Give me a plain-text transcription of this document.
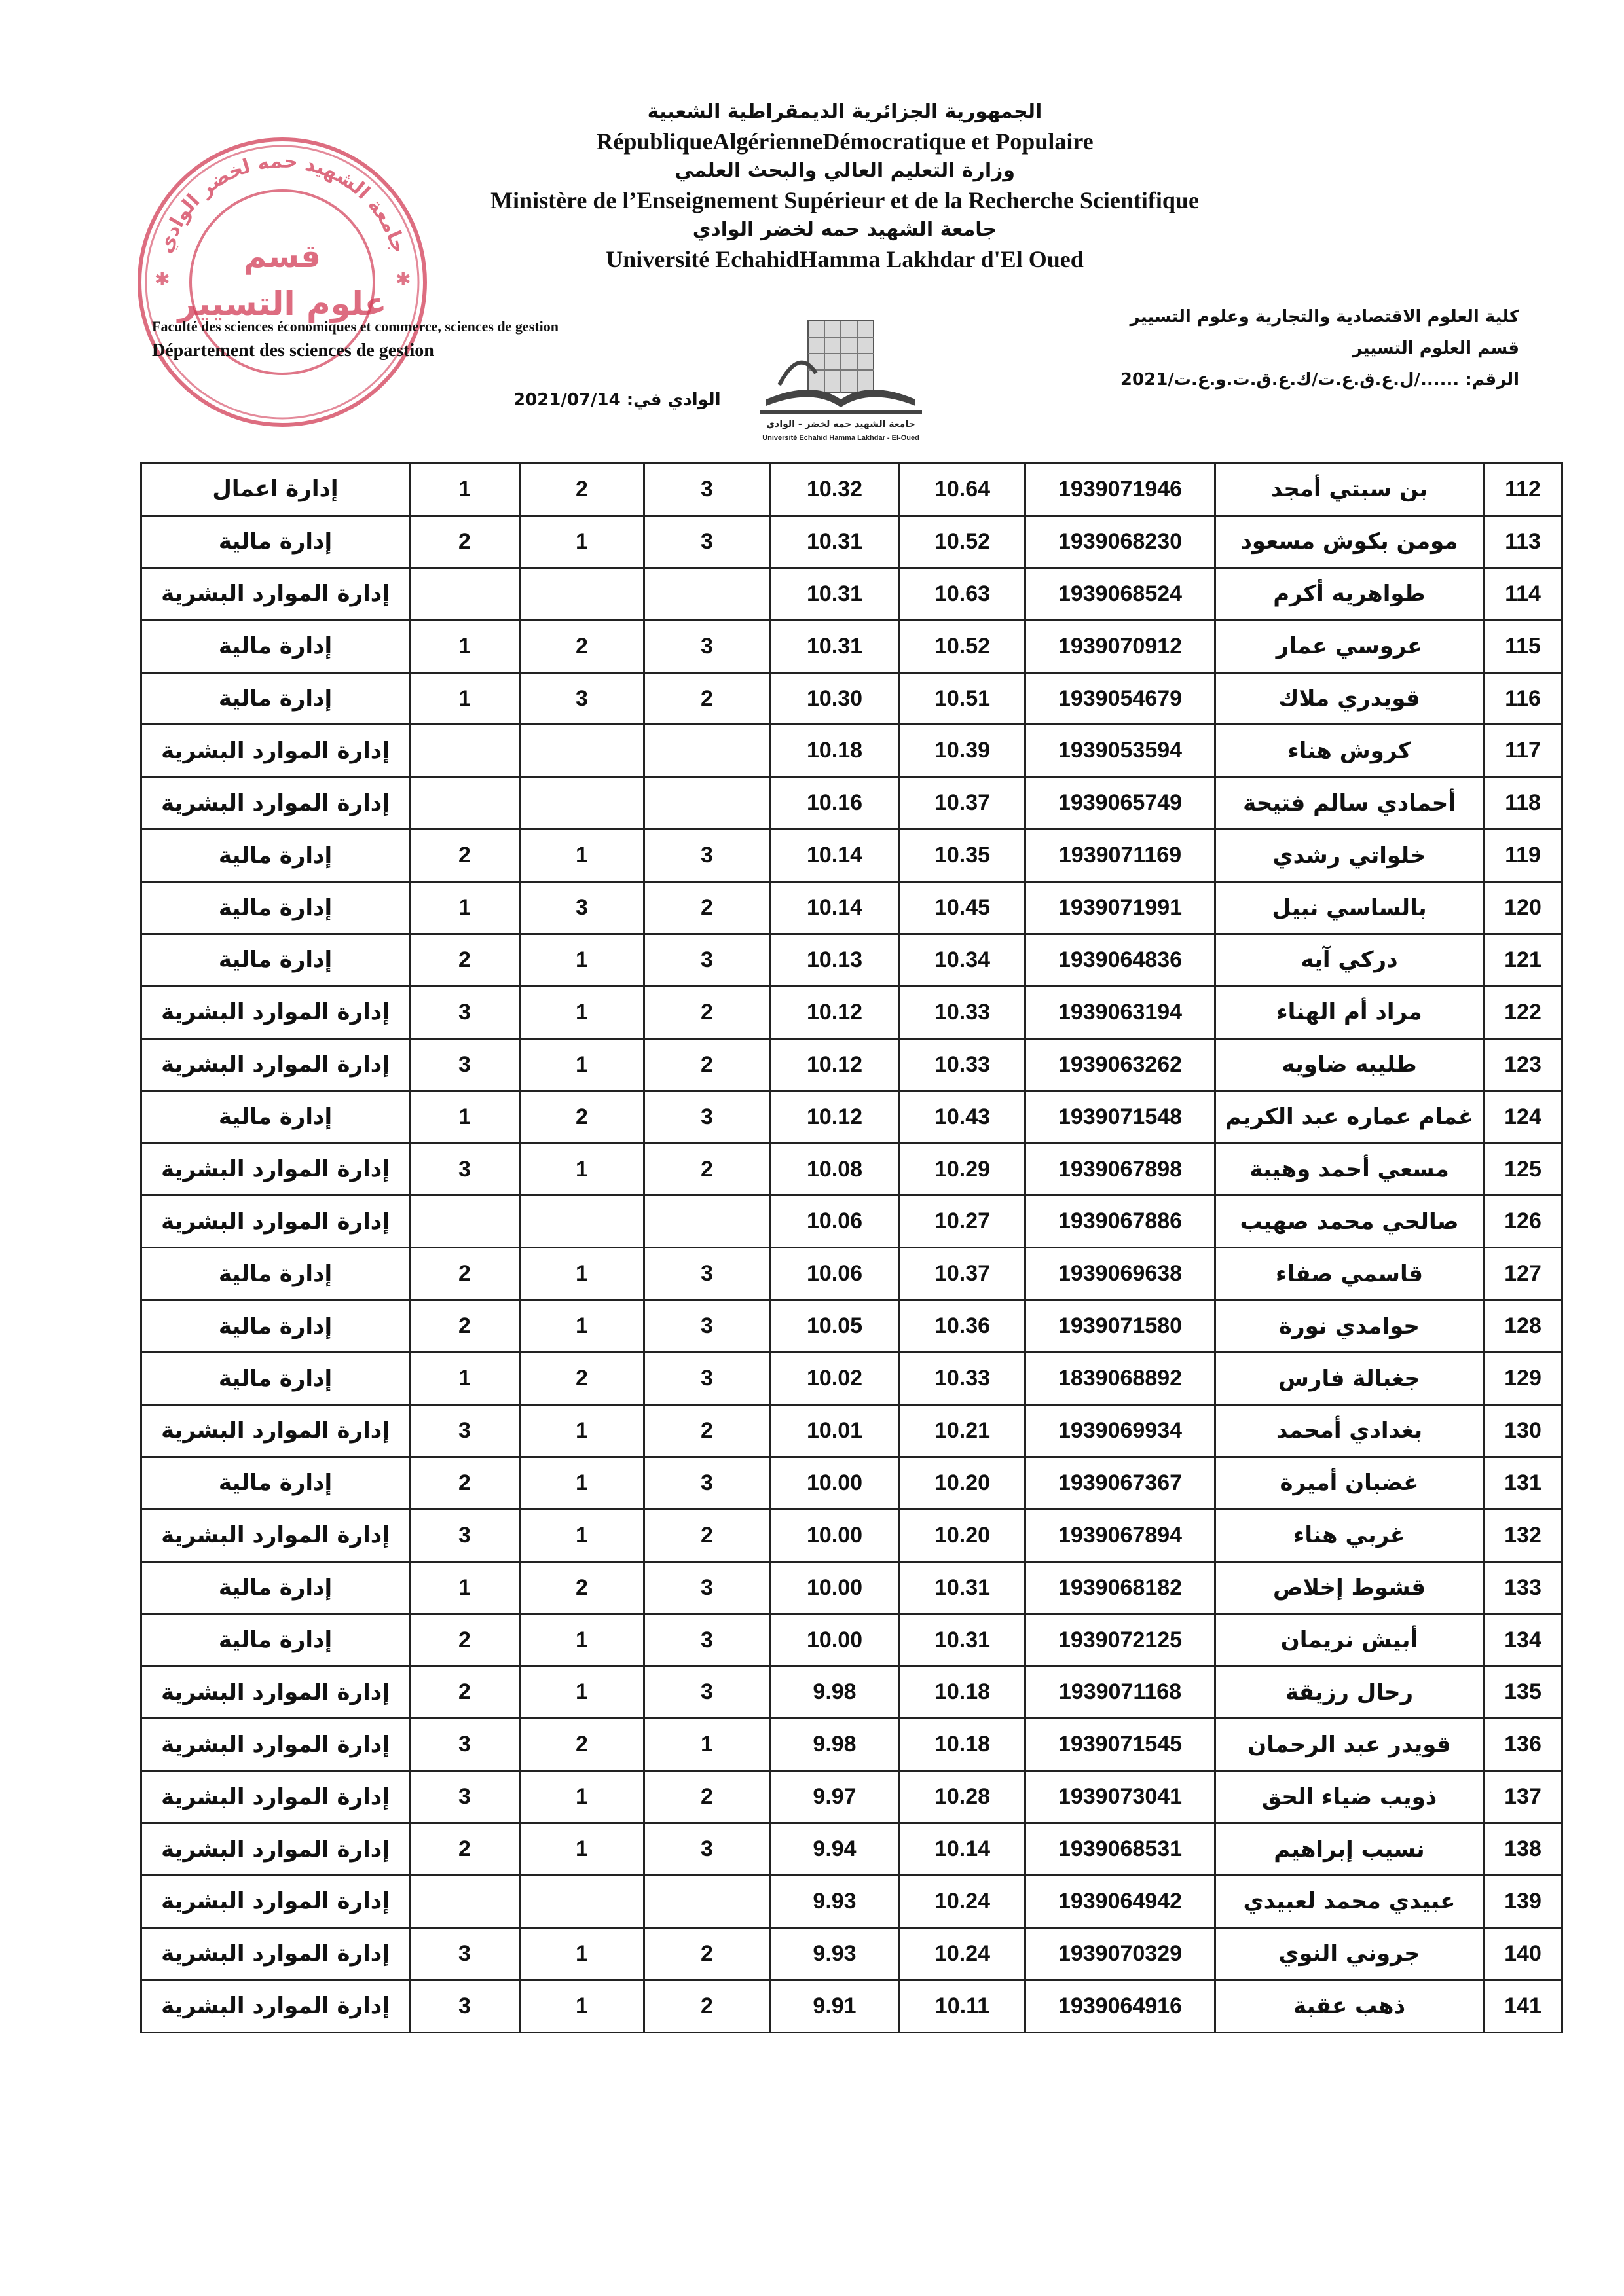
جامعة الشهيد حمه لخضر الوادي
قسم
علوم التسيير
✱	✱
الجمهورية الجزائرية الديمقراطية الشعبية
RépubliqueAlgérienneDémocratique et Populaire
وزارة التعليم العالي والبحث العلمي
Ministère de l’Enseignement Supérieur et de la Recherche Scientifique
جامعة الشهيد حمه لخضر الوادي
Université EchahidHamma Lakhdar d'El Oued
Faculté des sciences économiques et commerce, sciences de gestion
Département des sciences de gestion
كلية العلوم الاقتصادية والتجارية وعلوم التسيير
قسم العلوم التسيير
الرقم: ....../ل.ع.ق.ع.ت/ك.ع.ق.ت.و.ع.ت/2021
الوادي في: 2021/07/14
جامعة الشهيد حمه لخضر - الوادي
Université Echahid Hamma Lakhdar - El-Oued
112	بن سبتي أمجد	1939071946	10.64	10.32	3	2	1	إدارة اعمال
113	مومن بكوش مسعود	1939068230	10.52	10.31	3	1	2	إدارة مالية
114	طواهريه أكرم	1939068524	10.63	10.31				إدارة الموارد البشرية
115	عروسي عمار	1939070912	10.52	10.31	3	2	1	إدارة مالية
116	قويدري ملاك	1939054679	10.51	10.30	2	3	1	إدارة مالية
117	كروش هناء	1939053594	10.39	10.18				إدارة الموارد البشرية
118	أحمادي سالم فتيحة	1939065749	10.37	10.16				إدارة الموارد البشرية
119	خلواتي رشدي	1939071169	10.35	10.14	3	1	2	إدارة مالية
120	بالساسي نبيل	1939071991	10.45	10.14	2	3	1	إدارة مالية
121	دركي آيه	1939064836	10.34	10.13	3	1	2	إدارة مالية
122	مراد أم الهناء	1939063194	10.33	10.12	2	1	3	إدارة الموارد البشرية
123	طليبه ضاويه	1939063262	10.33	10.12	2	1	3	إدارة الموارد البشرية
124	غمام عماره عبد الكريم	1939071548	10.43	10.12	3	2	1	إدارة مالية
125	مسعي أحمد وهيبة	1939067898	10.29	10.08	2	1	3	إدارة الموارد البشرية
126	صالحي محمد صهيب	1939067886	10.27	10.06				إدارة الموارد البشرية
127	قاسمي صفاء	1939069638	10.37	10.06	3	1	2	إدارة مالية
128	حوامدي نورة	1939071580	10.36	10.05	3	1	2	إدارة مالية
129	جغبالة فارس	1839068892	10.33	10.02	3	2	1	إدارة مالية
130	بغدادي أمحمد	1939069934	10.21	10.01	2	1	3	إدارة الموارد البشرية
131	غضبان أميرة	1939067367	10.20	10.00	3	1	2	إدارة مالية
132	غربي هناء	1939067894	10.20	10.00	2	1	3	إدارة الموارد البشرية
133	قشوط إخلاص	1939068182	10.31	10.00	3	2	1	إدارة مالية
134	أبيش نريمان	1939072125	10.31	10.00	3	1	2	إدارة مالية
135	رحال رزيقة	1939071168	10.18	9.98	3	1	2	إدارة الموارد البشرية
136	قويدر عبد الرحمان	1939071545	10.18	9.98	1	2	3	إدارة الموارد البشرية
137	ذويب ضياء الحق	1939073041	10.28	9.97	2	1	3	إدارة الموارد البشرية
138	نسيب إبراهيم	1939068531	10.14	9.94	3	1	2	إدارة الموارد البشرية
139	عبيدي محمد لعبيدي	1939064942	10.24	9.93				إدارة الموارد البشرية
140	جروني النوي	1939070329	10.24	9.93	2	1	3	إدارة الموارد البشرية
141	ذهب عقبة	1939064916	10.11	9.91	2	1	3	إدارة الموارد البشرية
